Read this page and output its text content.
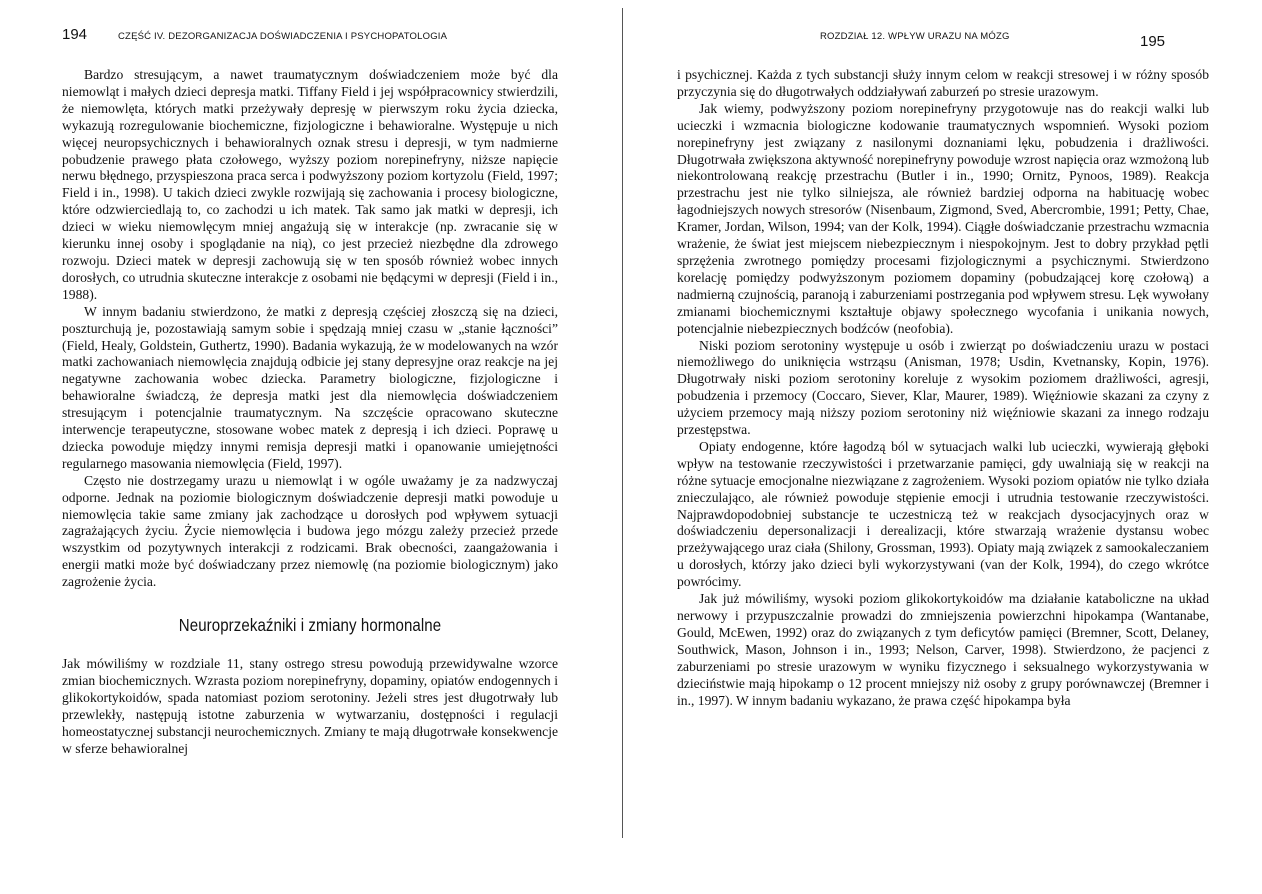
194	CZĘŚĆ IV. DEZORGANIZACJA DOŚWIADCZENIA I PSYCHOPATOLOGIA

Bardzo stresującym, a nawet traumatycznym doświadczeniem może być dla niemowląt i małych dzieci depresja matki. Tiffany Field i jej współpracownicy stwierdzili, że niemowlęta, których matki przeżywały depresję w pierwszym roku życia dziecka, wykazują rozregulowanie biochemiczne, fizjologiczne i behawioralne. Występuje u nich więcej neuropsychicznych i behawioralnych oznak stresu i depresji, w tym nadmierne pobudzenie prawego płata czołowego, wyższy poziom norepinefryny, niższe napięcie nerwu błędnego, przyspieszona praca serca i podwyższony poziom kortyzolu (Field, 1997; Field i in., 1998). U takich dzieci zwykle rozwijają się zachowania i procesy biologiczne, które odzwierciedlają to, co zachodzi u ich matek. Tak samo jak matki w depresji, ich dzieci w wieku niemowlęcym mniej angażują się w interakcje (np. zwracanie się w kierunku innej osoby i spoglądanie na nią), co jest przecież niezbędne dla zdrowego rozwoju. Dzieci matek w depresji zachowują się w ten sposób również wobec innych dorosłych, co utrudnia skuteczne interakcje z osobami nie będącymi w depresji (Field i in., 1988).

W innym badaniu stwierdzono, że matki z depresją częściej złoszczą się na dzieci, poszturchują je, pozostawiają samym sobie i spędzają mniej czasu w „stanie łączności” (Field, Healy, Goldstein, Guthertz, 1990). Badania wykazują, że w modelowanych na wzór matki zachowaniach niemowlęcia znajdują odbicie jej stany depresyjne oraz reakcje na jej negatywne zachowania wobec dziecka. Parametry biologiczne, fizjologiczne i behawioralne świadczą, że depresja matki jest dla niemowlęcia doświadczeniem stresującym i potencjalnie traumatycznym. Na szczęście opracowano skuteczne interwencje terapeutyczne, stosowane wobec matek z depresją i ich dzieci. Poprawę u dziecka powoduje między innymi remisja depresji matki i opanowanie umiejętności regularnego masowania niemowlęcia (Field, 1997).

Często nie dostrzegamy urazu u niemowląt i w ogóle uważamy je za nadzwyczaj odporne. Jednak na poziomie biologicznym doświadczenie depresji matki powoduje u niemowlęcia takie same zmiany jak zachodzące u dorosłych pod wpływem sytuacji zagrażających życiu. Życie niemowlęcia i budowa jego mózgu zależy przecież przede wszystkim od pozytywnych interakcji z rodzicami. Brak obecności, zaangażowania i energii matki może być doświadczany przez niemowlę (na poziomie biologicznym) jako zagrożenie życia.

Neuroprzekaźniki i zmiany hormonalne

Jak mówiliśmy w rozdziale 11, stany ostrego stresu powodują przewidywalne wzorce zmian biochemicznych. Wzrasta poziom norepinefryny, dopaminy, opiatów endogennych i glikokortykoidów, spada natomiast poziom serotoniny. Jeżeli stres jest długotrwały lub przewlekły, następują istotne zaburzenia w wytwarzaniu, dostępności i regulacji homeostatycznej substancji neurochemicznych. Zmiany te mają długotrwałe konsekwencje w sferze behawioralnej

ROZDZIAŁ 12. WPŁYW URAZU NA MÓZG	195

i psychicznej. Każda z tych substancji służy innym celom w reakcji stresowej i w różny sposób przyczynia się do długotrwałych oddziaływań zaburzeń po stresie urazowym.

Jak wiemy, podwyższony poziom norepinefryny przygotowuje nas do reakcji walki lub ucieczki i wzmacnia biologiczne kodowanie traumatycznych wspomnień. Wysoki poziom norepinefryny jest związany z nasilonymi doznaniami lęku, pobudzenia i drażliwości. Długotrwała zwiększona aktywność norepinefryny powoduje wzrost napięcia oraz wzmożoną lub niekontrolowaną reakcję przestrachu (Butler i in., 1990; Ornitz, Pynoos, 1989). Reakcja przestrachu jest nie tylko silniejsza, ale również bardziej odporna na habituację wobec łagodniejszych nowych stresorów (Nisenbaum, Zigmond, Sved, Abercrombie, 1991; Petty, Chae, Kramer, Jordan, Wilson, 1994; van der Kolk, 1994). Ciągłe doświadczanie przestrachu wzmacnia wrażenie, że świat jest miejscem niebezpiecznym i niespokojnym. Jest to dobry przykład pętli sprzężenia zwrotnego pomiędzy procesami fizjologicznymi a psychicznymi. Stwierdzono korelację pomiędzy podwyższonym poziomem dopaminy (pobudzającej korę czołową) a nadmierną czujnością, paranoją i zaburzeniami postrzegania pod wpływem stresu. Lęk wywołany zmianami biochemicznymi kształtuje objawy społecznego wycofania i unikania nowych, potencjalnie niebezpiecznych bodźców (neofobia).

Niski poziom serotoniny występuje u osób i zwierząt po doświadczeniu urazu w postaci niemożliwego do uniknięcia wstrząsu (Anisman, 1978; Usdin, Kvetnansky, Kopin, 1976). Długotrwały niski poziom serotoniny koreluje z wysokim poziomem drażliwości, agresji, pobudzenia i przemocy (Coccaro, Siever, Klar, Maurer, 1989). Więźniowie skazani za czyny z użyciem przemocy mają niższy poziom serotoniny niż więźniowie skazani za innego rodzaju przestępstwa.

Opiaty endogenne, które łagodzą ból w sytuacjach walki lub ucieczki, wywierają głęboki wpływ na testowanie rzeczywistości i przetwarzanie pamięci, gdy uwalniają się w reakcji na różne sytuacje emocjonalne niezwiązane z zagrożeniem. Wysoki poziom opiatów nie tylko działa znieczulająco, ale również powoduje stępienie emocji i utrudnia testowanie rzeczywistości. Najprawdopodobniej substancje te uczestniczą też w reakcjach dysocjacyjnych oraz w doświadczeniu depersonalizacji i derealizacji, które stwarzają wrażenie dystansu wobec przeżywającego uraz ciała (Shilony, Grossman, 1993). Opiaty mają związek z samookaleczaniem u dorosłych, którzy jako dzieci byli wykorzystywani (van der Kolk, 1994), do czego wkrótce powrócimy.

Jak już mówiliśmy, wysoki poziom glikokortykoidów ma działanie kataboliczne na układ nerwowy i przypuszczalnie prowadzi do zmniejszenia powierzchni hipokampa (Wantanabe, Gould, McEwen, 1992) oraz do związanych z tym deficytów pamięci (Bremner, Scott, Delaney, Southwick, Mason, Johnson i in., 1993; Nelson, Carver, 1998). Stwierdzono, że pacjenci z zaburzeniami po stresie urazowym w wyniku fizycznego i seksualnego wykorzystywania w dzieciństwie mają hipokamp o 12 procent mniejszy niż osoby z grupy porównawczej (Bremner i in., 1997). W innym badaniu wykazano, że prawa część hipokampa była
